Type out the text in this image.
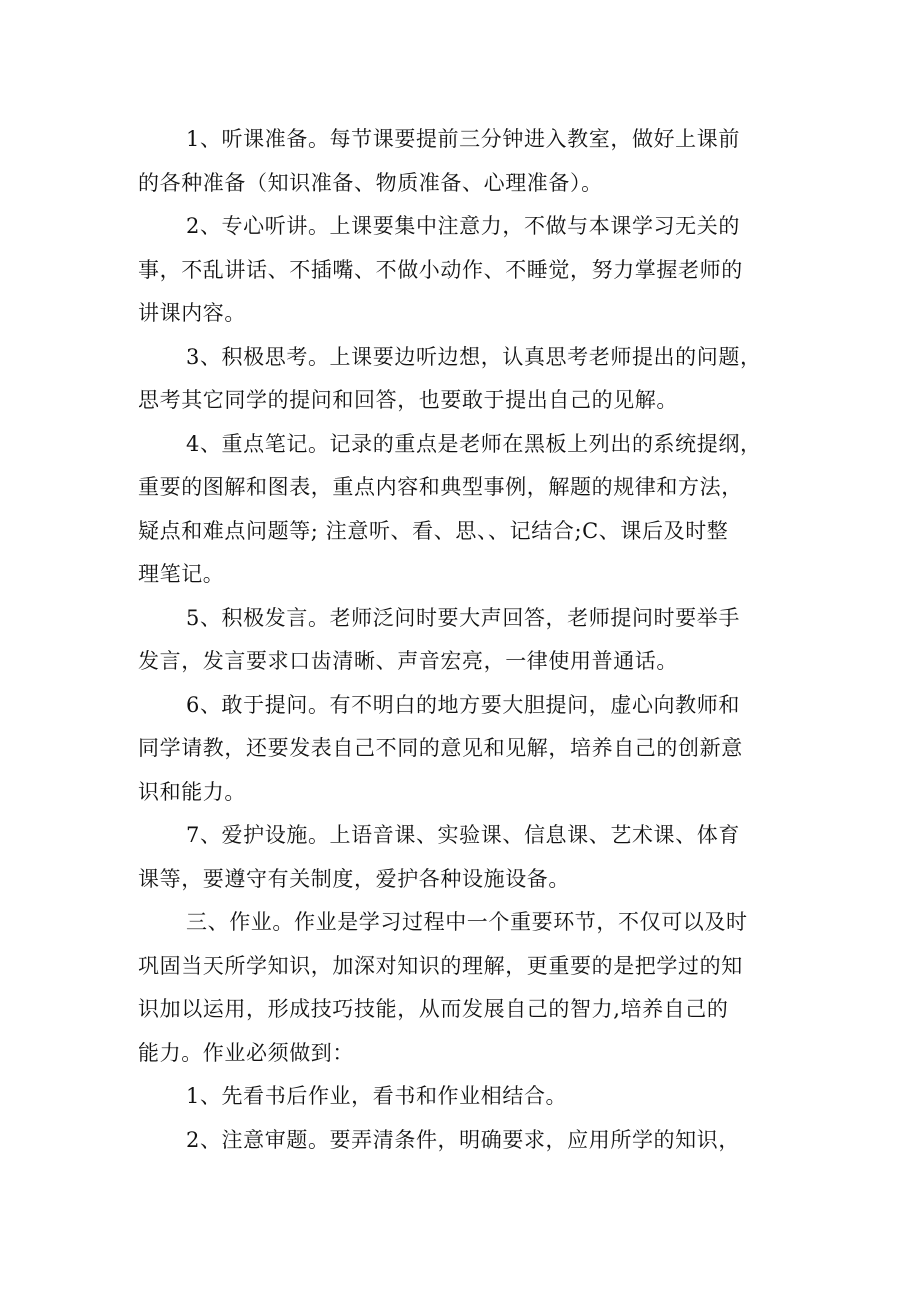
1、听课准备。每节课要提前三分钟进入教室，做好上课前
的各种准备（知识准备、物质准备、心理准备）。
2、专心听讲。上课要集中注意力，不做与本课学习无关的
事，不乱讲话、不插嘴、不做小动作、不睡觉，努力掌握老师的
讲课内容。
3、积极思考。上课要边听边想，认真思考老师提出的问题，
思考其它同学的提问和回答，也要敢于提出自己的见解。
4、重点笔记。记录的重点是老师在黑板上列出的系统提纲，
重要的图解和图表，重点内容和典型事例，解题的规律和方法，
疑点和难点问题等; 注意听、看、思、、记结合;C、课后及时整
理笔记。
5、积极发言。老师泛问时要大声回答，老师提问时要举手
发言，发言要求口齿清晰、声音宏亮，一律使用普通话。
6、敢于提问。有不明白的地方要大胆提问，虚心向教师和
同学请教，还要发表自己不同的意见和见解，培养自己的创新意
识和能力。
7、爱护设施。上语音课、实验课、信息课、艺术课、体育
课等，要遵守有关制度，爱护各种设施设备。
三、作业。作业是学习过程中一个重要环节，不仅可以及时
巩固当天所学知识，加深对知识的理解，更重要的是把学过的知
识加以运用，形成技巧技能，从而发展自己的智力,培养自己的
能力。作业必须做到：
1、先看书后作业，看书和作业相结合。
2、注意审题。要弄清条件，明确要求，应用所学的知识，
